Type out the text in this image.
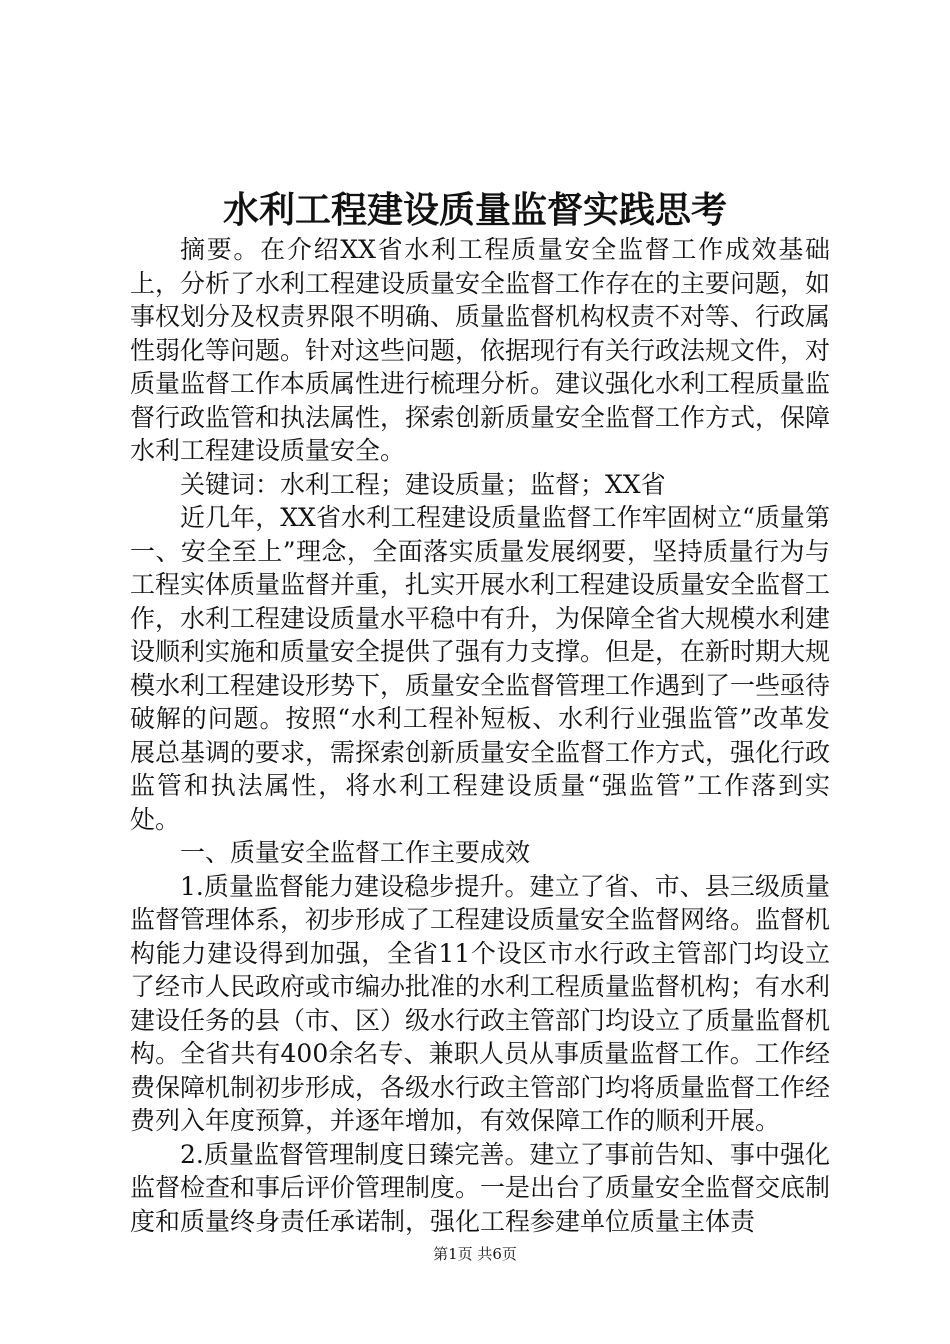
水利工程建设质量监督实践思考

摘要。在介绍XX省水利工程质量安全监督工作成效基础上，分析了水利工程建设质量安全监督工作存在的主要问题，如事权划分及权责界限不明确、质量监督机构权责不对等、行政属性弱化等问题。针对这些问题，依据现行有关行政法规文件，对质量监督工作本质属性进行梳理分析。建议强化水利工程质量监督行政监管和执法属性，探索创新质量安全监督工作方式，保障水利工程建设质量安全。

关键词：水利工程；建设质量；监督；XX省

近几年，XX省水利工程建设质量监督工作牢固树立“质量第一、安全至上”理念，全面落实质量发展纲要，坚持质量行为与工程实体质量监督并重，扎实开展水利工程建设质量安全监督工作，水利工程建设质量水平稳中有升，为保障全省大规模水利建设顺利实施和质量安全提供了强有力支撑。但是，在新时期大规模水利工程建设形势下，质量安全监督管理工作遇到了一些亟待破解的问题。按照“水利工程补短板、水利行业强监管”改革发展总基调的要求，需探索创新质量安全监督工作方式，强化行政监管和执法属性，将水利工程建设质量“强监管”工作落到实处。

一、质量安全监督工作主要成效

1.质量监督能力建设稳步提升。建立了省、市、县三级质量监督管理体系，初步形成了工程建设质量安全监督网络。监督机构能力建设得到加强，全省11个设区市水行政主管部门均设立了经市人民政府或市编办批准的水利工程质量监督机构；有水利建设任务的县（市、区）级水行政主管部门均设立了质量监督机构。全省共有400余名专、兼职人员从事质量监督工作。工作经费保障机制初步形成，各级水行政主管部门均将质量监督工作经费列入年度预算，并逐年增加，有效保障工作的顺利开展。

2.质量监督管理制度日臻完善。建立了事前告知、事中强化监督检查和事后评价管理制度。一是出台了质量安全监督交底制度和质量终身责任承诺制，强化工程参建单位质量主体责

第1页 共6页
